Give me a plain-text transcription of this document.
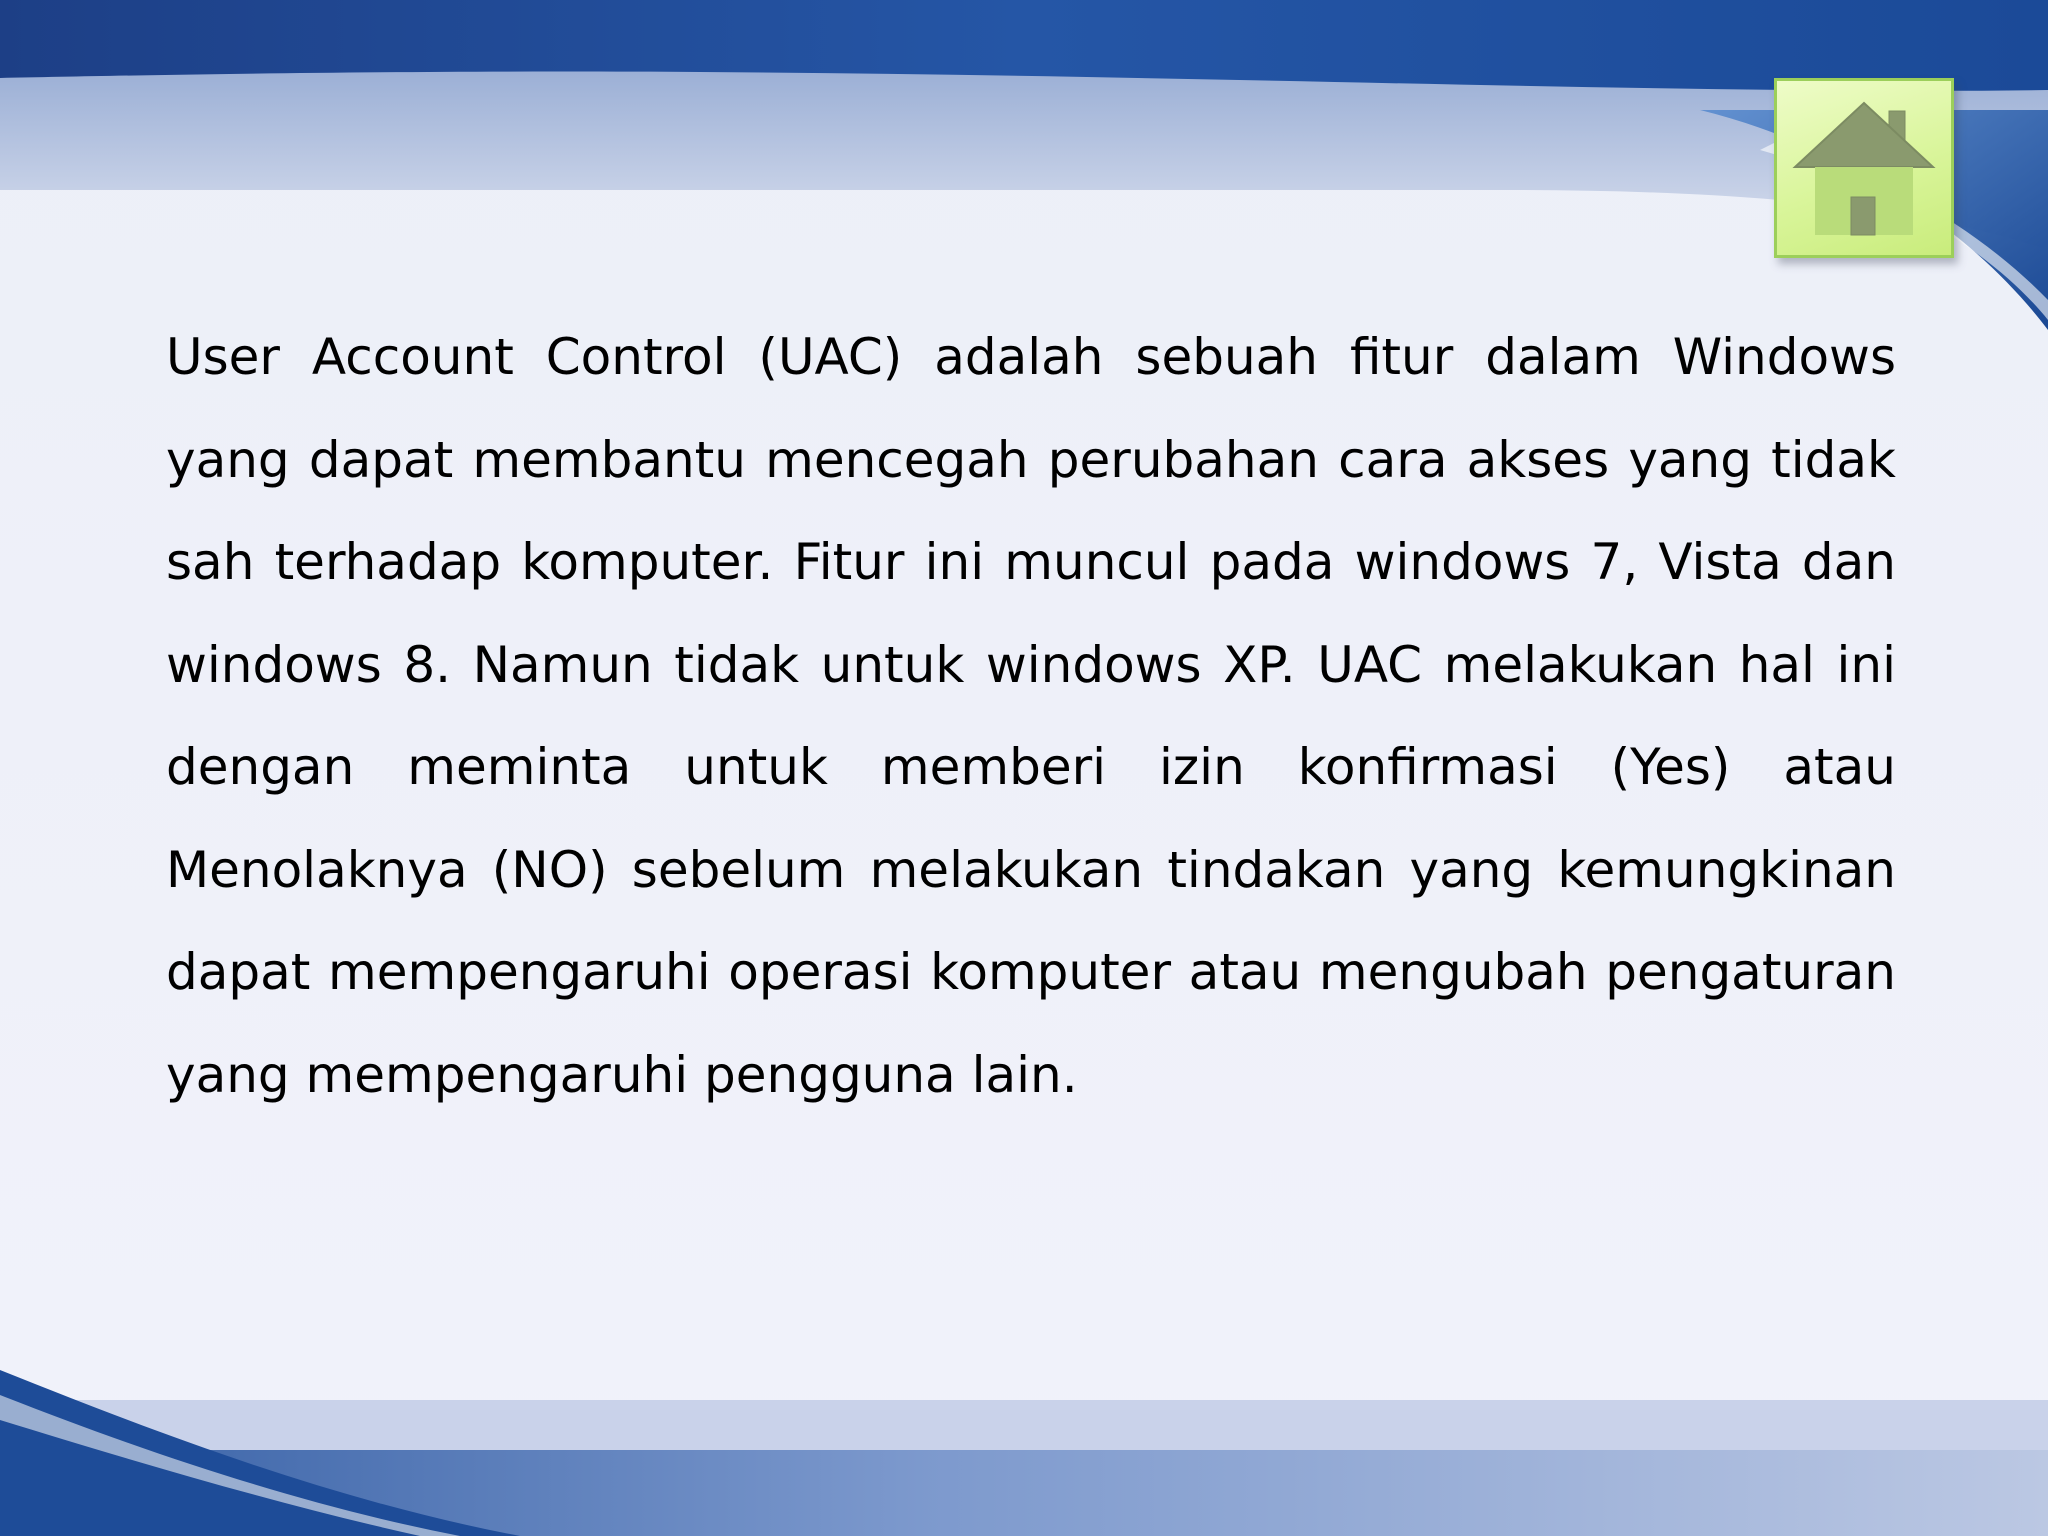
User Account Control (UAC) adalah sebuah fitur dalam Windows yang dapat membantu mencegah perubahan cara akses yang tidak sah terhadap komputer. Fitur ini muncul pada windows 7, Vista dan windows 8. Namun tidak untuk windows XP. UAC melakukan hal ini dengan meminta untuk memberi izin konfirmasi (Yes) atau Menolaknya (NO) sebelum melakukan tindakan yang kemungkinan dapat mempengaruhi operasi komputer atau mengubah pengaturan yang mempengaruhi pengguna lain.
